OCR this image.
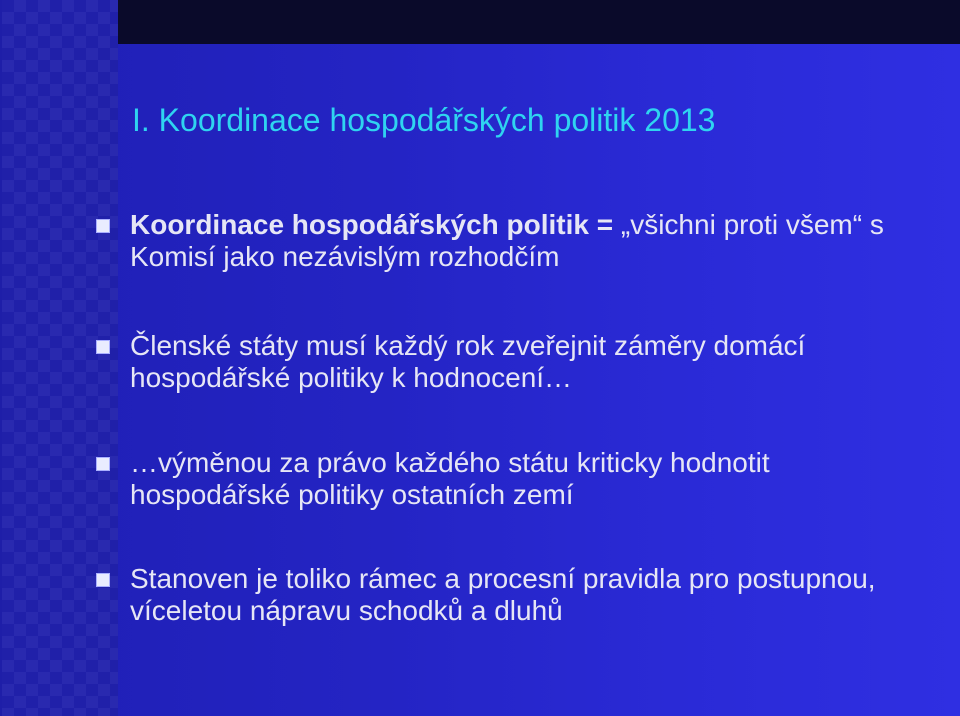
I. Koordinace hospodářských politik 2013
Koordinace hospodářských politik = „všichni proti všem“ s Komisí jako nezávislým rozhodčím
Členské státy musí každý rok zveřejnit záměry domácí hospodářské politiky k hodnocení…
…výměnou za právo každého státu kriticky hodnotit hospodářské politiky ostatních zemí
Stanoven je toliko rámec a procesní pravidla pro postupnou, víceletou nápravu schodků a dluhů
